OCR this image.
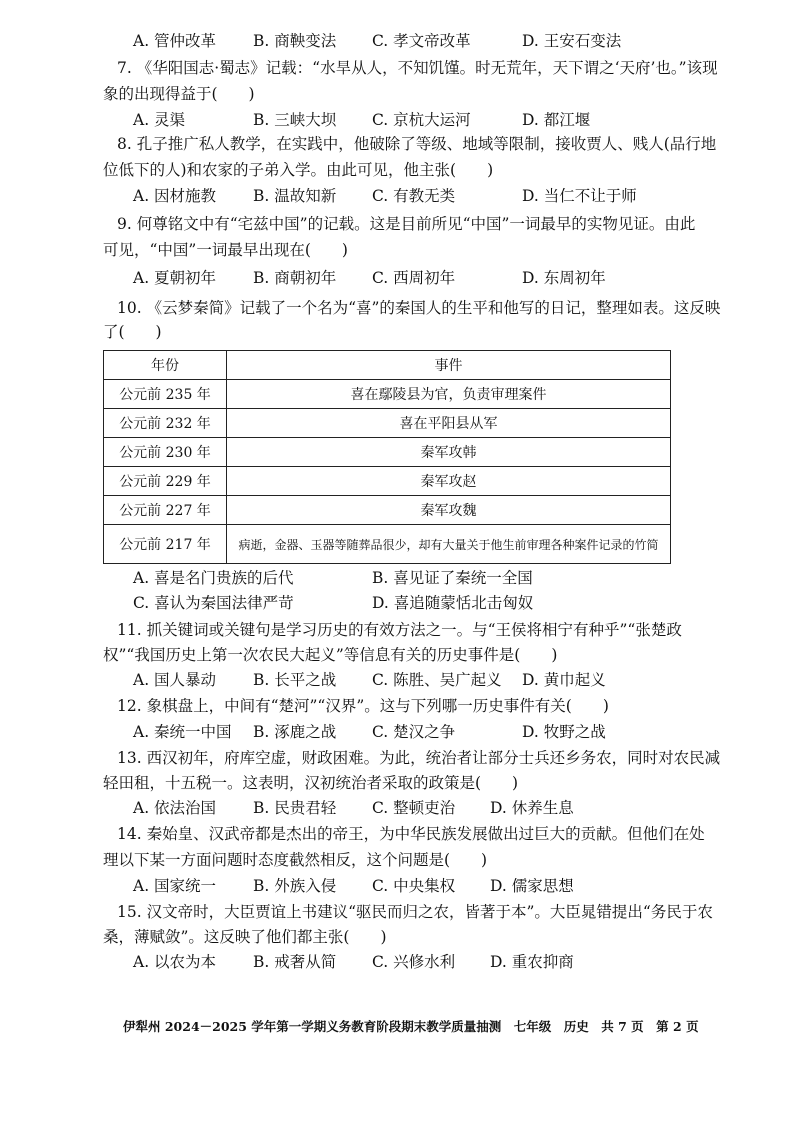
A. 管仲改革 B. 商鞅变法 C. 孝文帝改革	D. 王安石变法
7. 《华阳国志·蜀志》记载：“水旱从人，不知饥馑。时无荒年，天下谓之‘天府’也。”该现
象的出现得益于(　　)
A. 灵渠	B. 三峡大坝 C. 京杭大运河	D. 都江堰
8. 孔子推广私人教学，在实践中，他破除了等级、地域等限制，接收贾人、贱人(品行地
位低下的人)和农家的子弟入学。由此可见，他主张(　　)
A. 因材施教 B. 温故知新 C. 有教无类	D. 当仁不让于师
9. 何尊铭文中有“宅兹中国”的记载。这是目前所见“中国”一词最早的实物见证。由此
可见，“中国”一词最早出现在(　　)
A. 夏朝初年 B. 商朝初年 C. 西周初年	D. 东周初年
10. 《云梦秦简》记载了一个名为“喜”的秦国人的生平和他写的日记，整理如表。这反映
了(　　)
年份	事件
公元前 235 年	喜在鄢陵县为官，负责审理案件
公元前 232 年	喜在平阳县从军
公元前 230 年	秦军攻韩
公元前 229 年	秦军攻赵
公元前 227 年	秦军攻魏
公元前 217 年	病逝，金器、玉器等随葬品很少，却有大量关于他生前审理各种案件记录的竹简
A. 喜是名门贵族的后代	B. 喜见证了秦统一全国
C. 喜认为秦国法律严苛	D. 喜追随蒙恬北击匈奴
11. 抓关键词或关键句是学习历史的有效方法之一。与“王侯将相宁有种乎”“张楚政
权”“我国历史上第一次农民大起义”等信息有关的历史事件是(　　)
A. 国人暴动 B. 长平之战 C. 陈胜、吴广起义 D. 黄巾起义
12. 象棋盘上，中间有“楚河”“汉界”。这与下列哪一历史事件有关(　　)
A. 秦统一中国 B. 涿鹿之战 C. 楚汉之争	D. 牧野之战
13. 西汉初年，府库空虚，财政困难。为此，统治者让部分士兵还乡务农，同时对农民减
轻田租，十五税一。这表明，汉初统治者采取的政策是(　　)
A. 依法治国 B. 民贵君轻 C. 整顿吏治 D. 休养生息
14. 秦始皇、汉武帝都是杰出的帝王，为中华民族发展做出过巨大的贡献。但他们在处
理以下某一方面问题时态度截然相反，这个问题是(　　)
A. 国家统一 B. 外族入侵 C. 中央集权 D. 儒家思想
15. 汉文帝时，大臣贾谊上书建议“驱民而归之农，皆著于本”。大臣晁错提出“务民于农
桑，薄赋敛”。这反映了他们都主张(　　)
A. 以农为本 B. 戒奢从简 C. 兴修水利 D. 重农抑商
伊犁州 2024－2025 学年第一学期义务教育阶段期末教学质量抽测　七年级　历史　共 7 页　第 2 页
